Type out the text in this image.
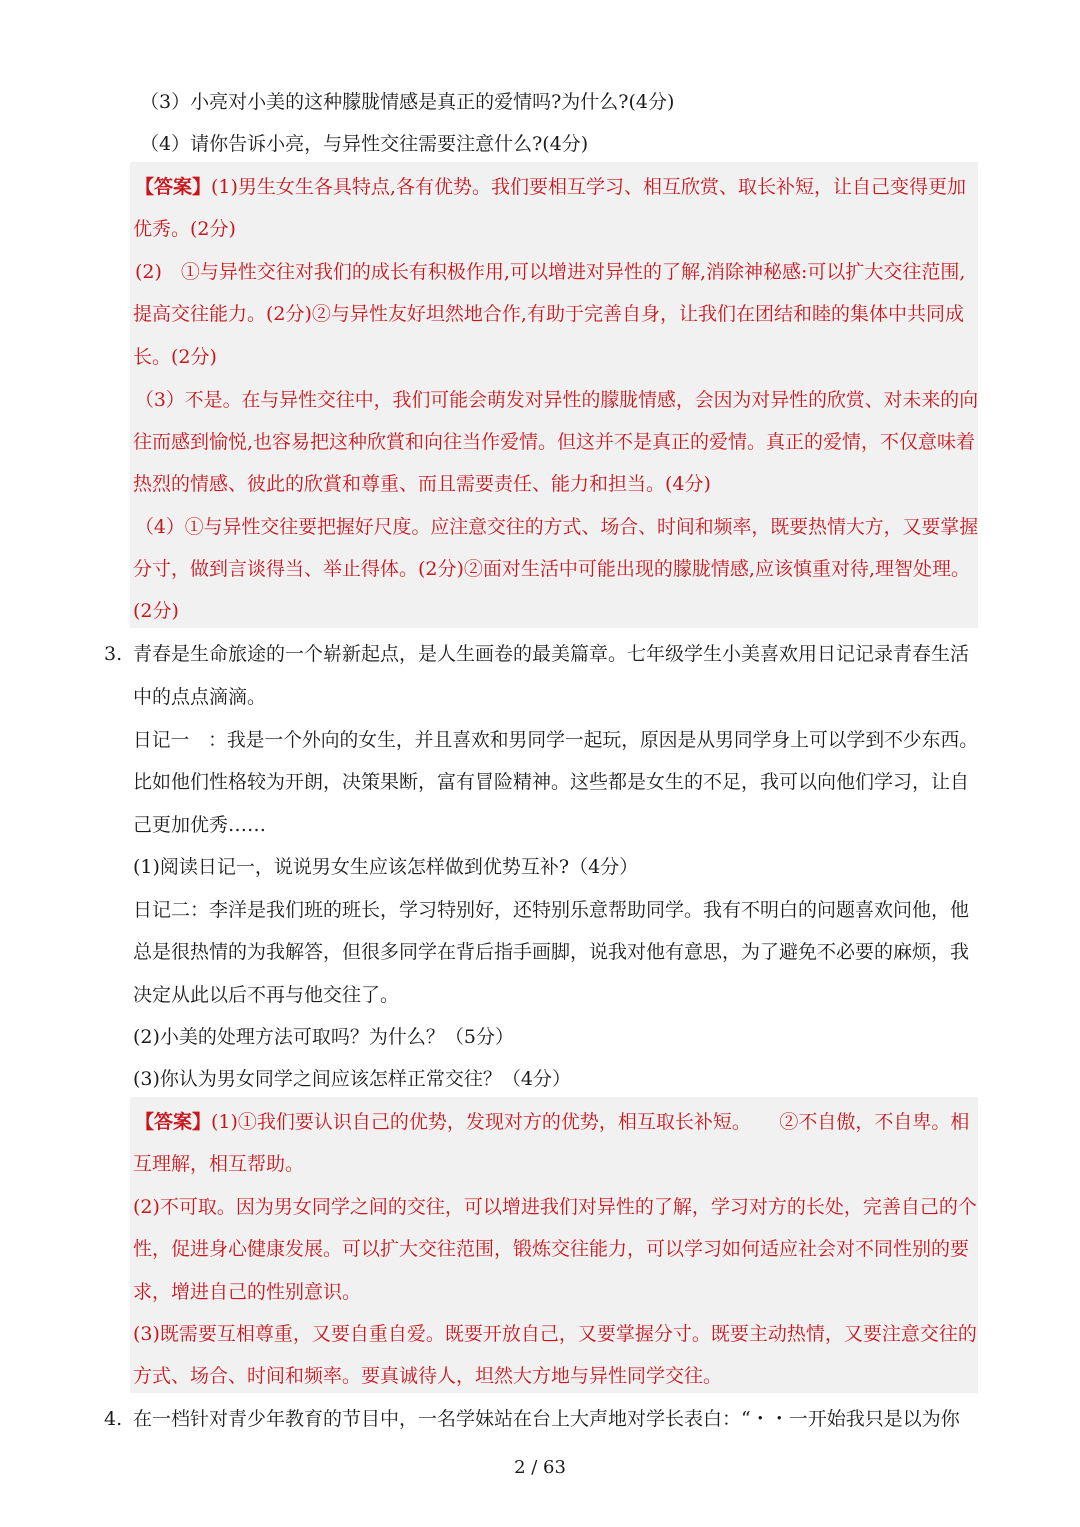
（3）小亮对小美的这种朦胧情感是真正的爱情吗?为什么?(4分)
（4）请你告诉小亮，与异性交往需要注意什么?(4分)
【答案】(1)男生女生各具特点,各有优势。我们要相互学习、相互欣赏、取长补短，让自己变得更加
优秀。(2分)
(2)　①与异性交往对我们的成长有积极作用,可以增进对异性的了解,消除神秘感:可以扩大交往范围,
提高交往能力。(2分)②与异性友好坦然地合作,有助于完善自身，让我们在团结和睦的集体中共同成
长。(2分)
（3）不是。在与异性交往中，我们可能会萌发对异性的朦胧情感，会因为对异性的欣赏、对未来的向
往而感到愉悦,也容易把这种欣賞和向往当作爱情。但这并不是真正的爱情。真正的爱情，不仅意味着
热烈的情感、彼此的欣賞和尊重、而且需要责任、能力和担当。(4分)
（4）①与异性交往要把握好尺度。应注意交往的方式、场合、时间和频率，既要热情大方，又要掌握
分寸，做到言谈得当、举止得体。(2分)②面对生活中可能出现的朦胧情感,应该慎重对待,理智处理。
(2分)
3. 青春是生命旅途的一个崭新起点，是人生画卷的最美篇章。七年级学生小美喜欢用日记记录青春生活
中的点点滴滴。
日记一　：我是一个外向的女生，并且喜欢和男同学一起玩，原因是从男同学身上可以学到不少东西。
比如他们性格较为开朗，决策果断，富有冒险精神。这些都是女生的不足，我可以向他们学习，让自
己更加优秀……
(1)阅读日记一，说说男女生应该怎样做到优势互补?（4分）
日记二：李洋是我们班的班长，学习特别好，还特别乐意帮助同学。我有不明白的问题喜欢问他，他
总是很热情的为我解答，但很多同学在背后指手画脚，说我对他有意思，为了避免不必要的麻烦，我
决定从此以后不再与他交往了。
(2)小美的处理方法可取吗？为什么？（5分）
(3)你认为男女同学之间应该怎样正常交往？（4分）
【答案】(1)①我们要认识自己的优势，发现对方的优势，相互取长补短。　　②不自傲，不自卑。相
互理解，相互帮助。
(2)不可取。因为男女同学之间的交往，可以增进我们对异性的了解，学习对方的长处，完善自己的个
性，促进身心健康发展。可以扩大交往范围，锻炼交往能力，可以学习如何适应社会对不同性别的要
求，增进自己的性别意识。
(3)既需要互相尊重，又要自重自爱。既要开放自己，又要掌握分寸。既要主动热情，又要注意交往的
方式、场合、时间和频率。要真诚待人，坦然大方地与异性同学交往。
4. 在一档针对青少年教育的节目中，一名学妹站在台上大声地对学长表白：“・・一开始我只是以为你
2 / 63
